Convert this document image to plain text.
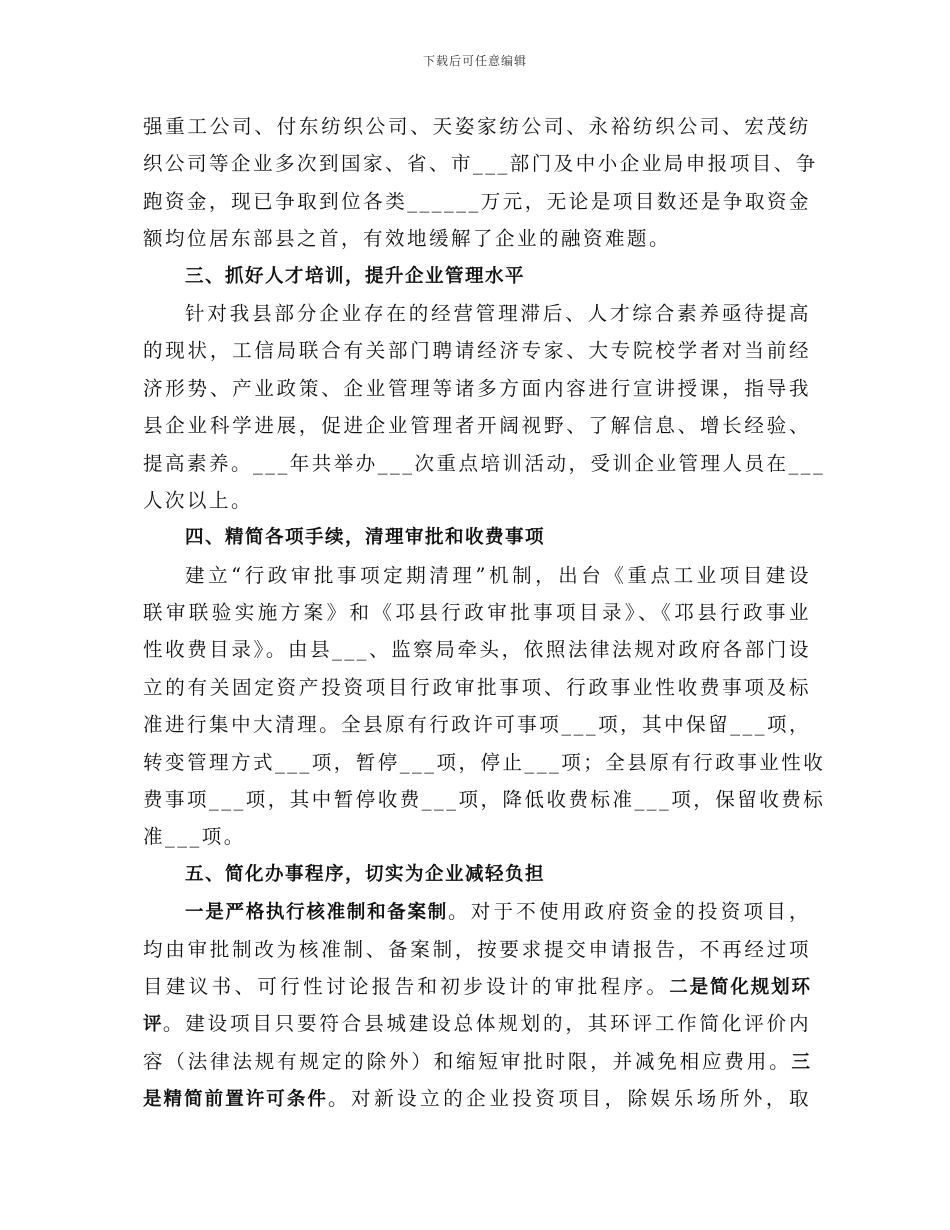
下载后可任意编辑
强重工公司、付东纺织公司、天姿家纺公司、永裕纺织公司、宏茂纺
织公司等企业多次到国家、省、市___部门及中小企业局申报项目、争
跑资金，现已争取到位各类______万元，无论是项目数还是争取资金
额均位居东部县之首，有效地缓解了企业的融资难题。
三、抓好人才培训，提升企业管理水平
针对我县部分企业存在的经营管理滞后、人才综合素养亟待提高
的现状，工信局联合有关部门聘请经济专家、大专院校学者对当前经
济形势、产业政策、企业管理等诸多方面内容进行宣讲授课，指导我
县企业科学进展，促进企业管理者开阔视野、了解信息、增长经验、
提高素养。___年共举办___次重点培训活动，受训企业管理人员在___
人次以上。
四、精简各项手续，清理审批和收费事项
建立“行政审批事项定期清理”机制，出台《重点工业项目建设
联审联验实施方案》和《邛县行政审批事项目录》、《邛县行政事业
性收费目录》。由县___、监察局牵头，依照法律法规对政府各部门设
立的有关固定资产投资项目行政审批事项、行政事业性收费事项及标
准进行集中大清理。全县原有行政许可事项___项，其中保留___项，
转变管理方式___项，暂停___项，停止___项；全县原有行政事业性收
费事项___项，其中暂停收费___项，降低收费标准___项，保留收费标
准___项。
五、简化办事程序，切实为企业减轻负担
一是严格执行核准制和备案制。对于不使用政府资金的投资项目，
均由审批制改为核准制、备案制，按要求提交申请报告，不再经过项
目建议书、可行性讨论报告和初步设计的审批程序。二是简化规划环
评。建设项目只要符合县城建设总体规划的，其环评工作简化评价内
容（法律法规有规定的除外）和缩短审批时限，并减免相应费用。三
是精简前置许可条件。对新设立的企业投资项目，除娱乐场所外，取
